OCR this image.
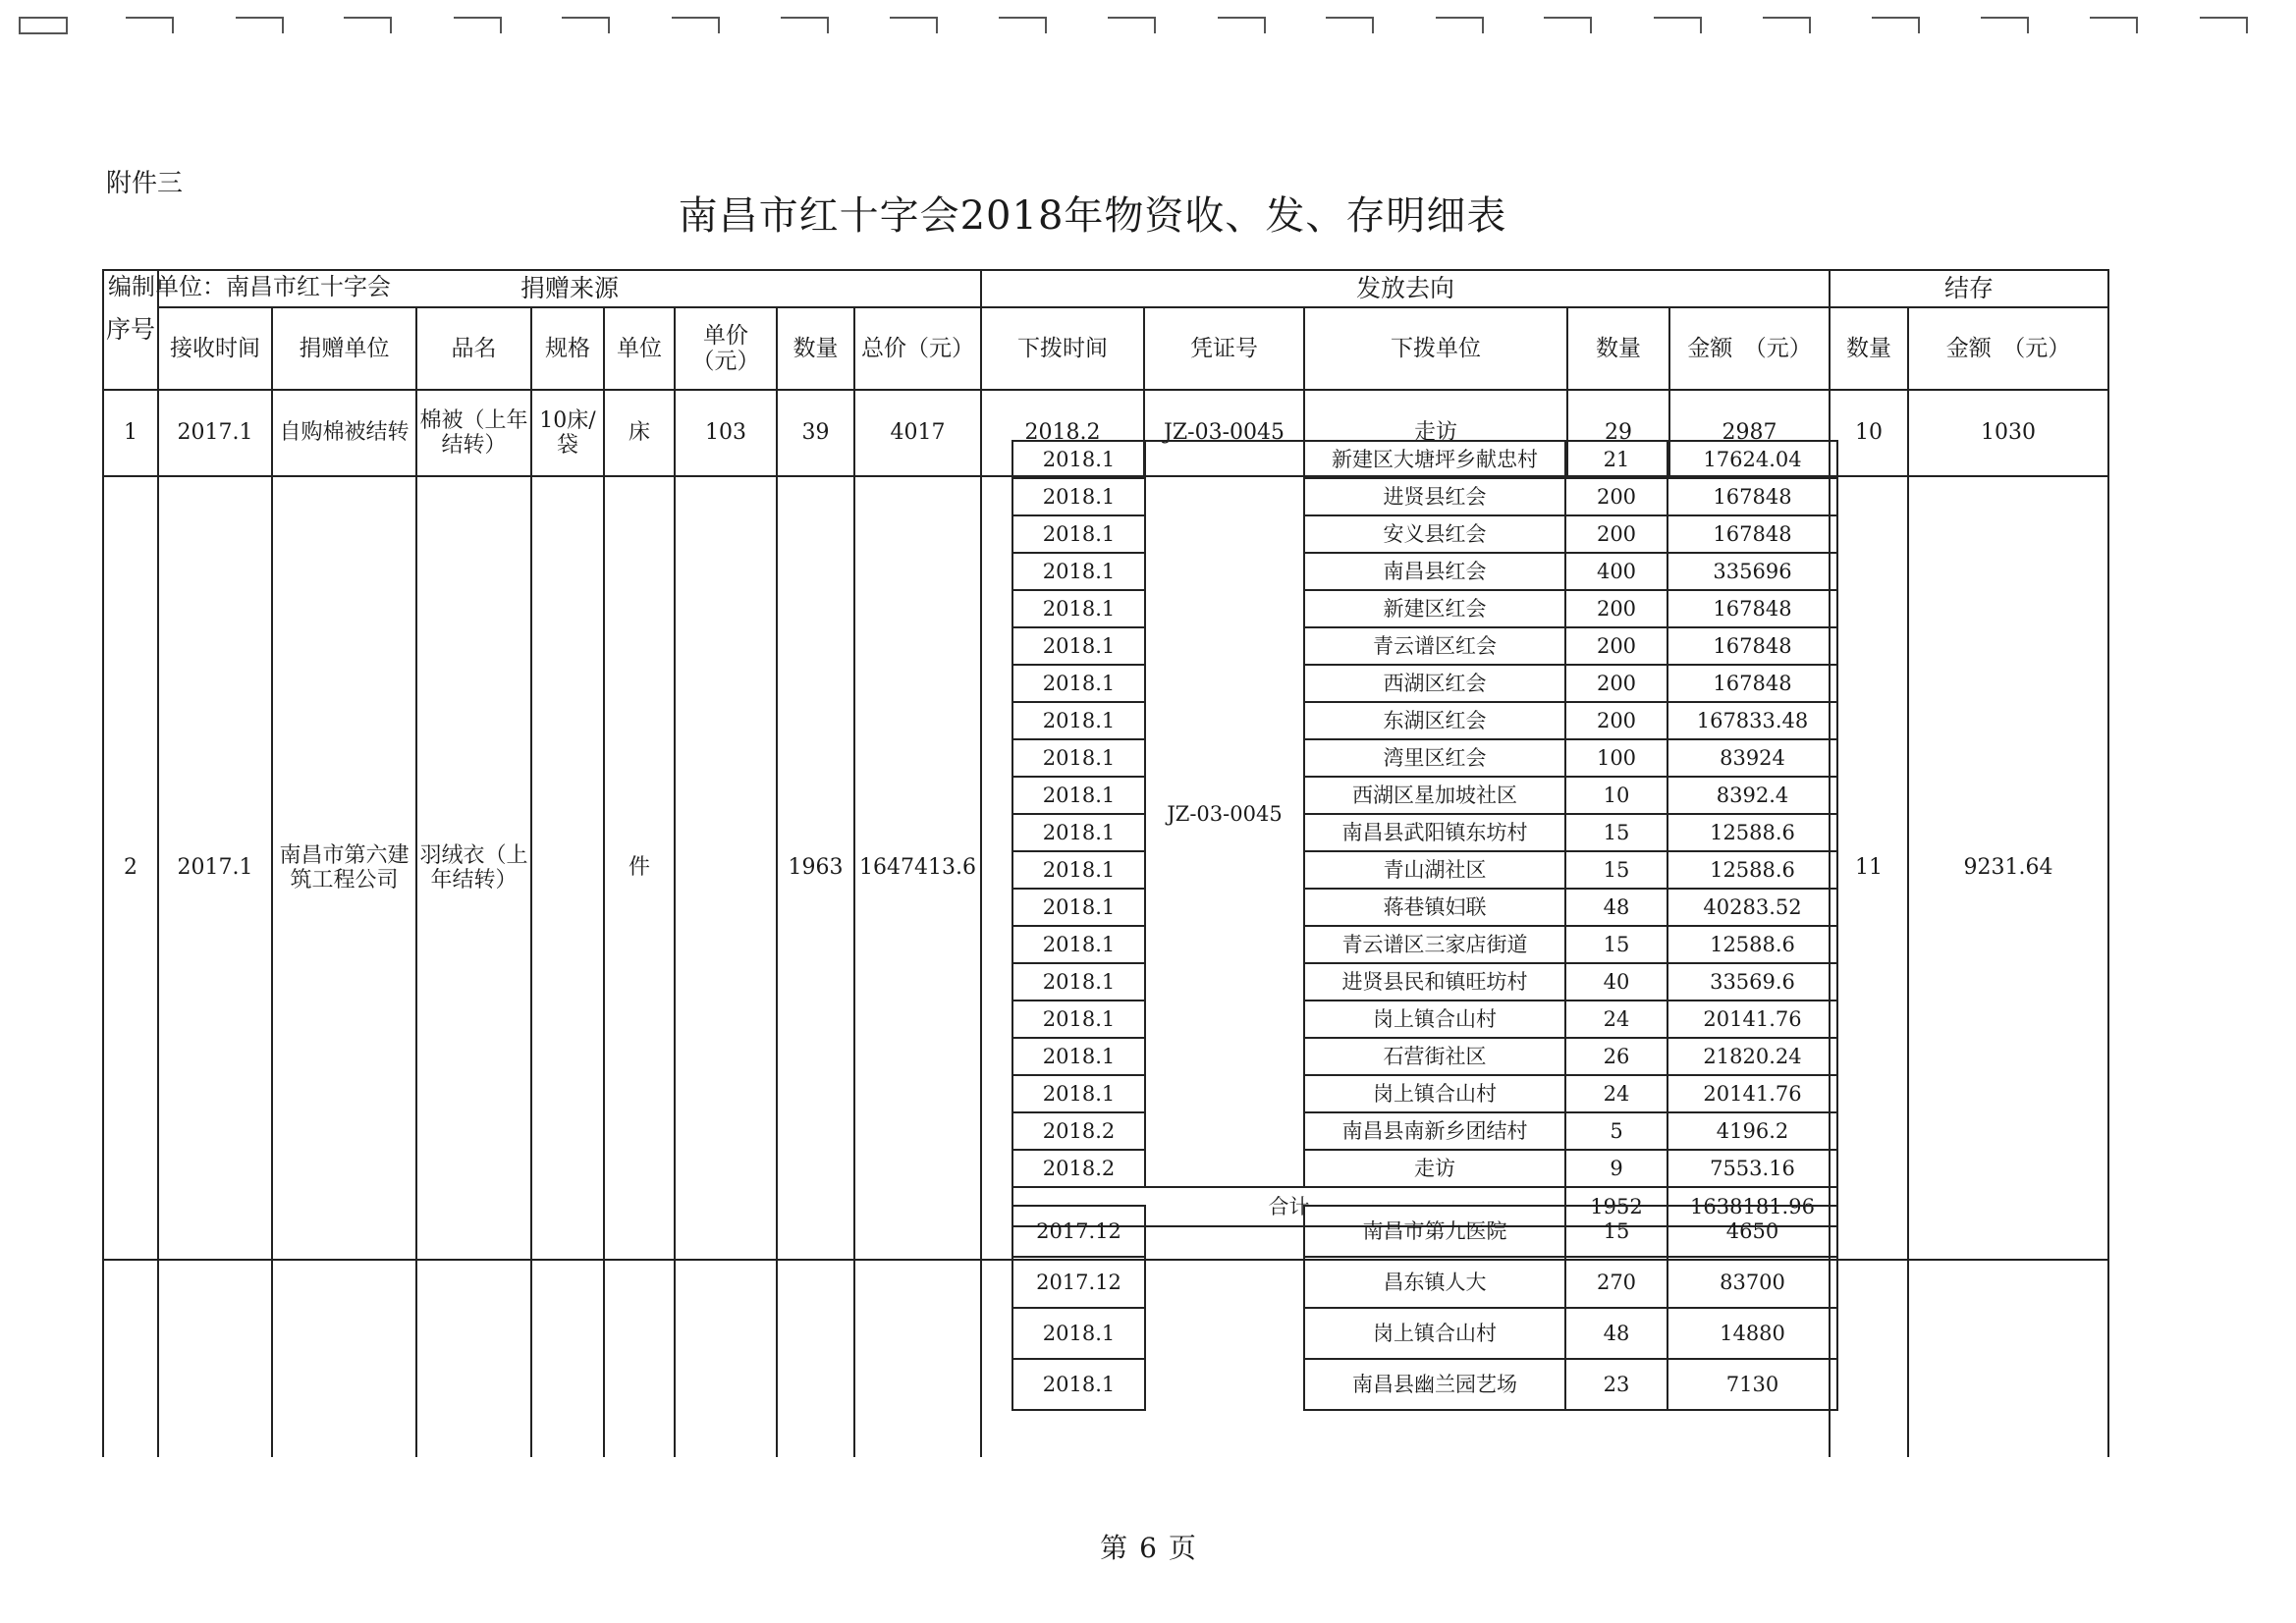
附件三
南昌市红十字会2018年物资收、发、存明细表
编制单位：南昌市红十字会
序号	捐赠来源								发放去向					结存	
	接收时间	捐赠单位	品名	规格	单位	单价（元）	数量	总价（元）	下拨时间	凭证号	下拨单位	数量	金额　（元）	数量	金额　（元）
1	2017.1	自购棉被结转	棉被（上年结转）	10床/袋	床	103	39	4017	2018.2	JZ-03-0045	走访	29	2987	10	1030
2	2017.1	南昌市第六建筑工程公司	羽绒衣（上年结转）		件		1963	1647413.6						11	9231.64

2018.1	JZ-03-0045	新建区大塘坪乡献忠村	21	17624.04
2018.1		进贤县红会	200	167848
2018.1		安义县红会	200	167848
2018.1		南昌县红会	400	335696
2018.1		新建区红会	200	167848
2018.1		青云谱区红会	200	167848
2018.1		西湖区红会	200	167848
2018.1		东湖区红会	200	167833.48
2018.1		湾里区红会	100	83924
2018.1		西湖区星加坡社区	10	8392.4
2018.1		南昌县武阳镇东坊村	15	12588.6
2018.1		青山湖社区	15	12588.6
2018.1		蒋巷镇妇联	48	40283.52
2018.1		青云谱区三家店街道	15	12588.6
2018.1		进贤县民和镇旺坊村	40	33569.6
2018.1		岗上镇合山村	24	20141.76
2018.1		石营街社区	26	21820.24
2018.1		岗上镇合山村	24	20141.76
2018.2		南昌县南新乡团结村	5	4196.2
2018.2		走访	9	7553.16
合计			1952	1638181.96
2017.12		南昌市第九医院	15	4650
2017.12		昌东镇人大	270	83700
2018.1		岗上镇合山村	48	14880
2018.1		南昌县幽兰园艺场	23	7130
第 6 页
